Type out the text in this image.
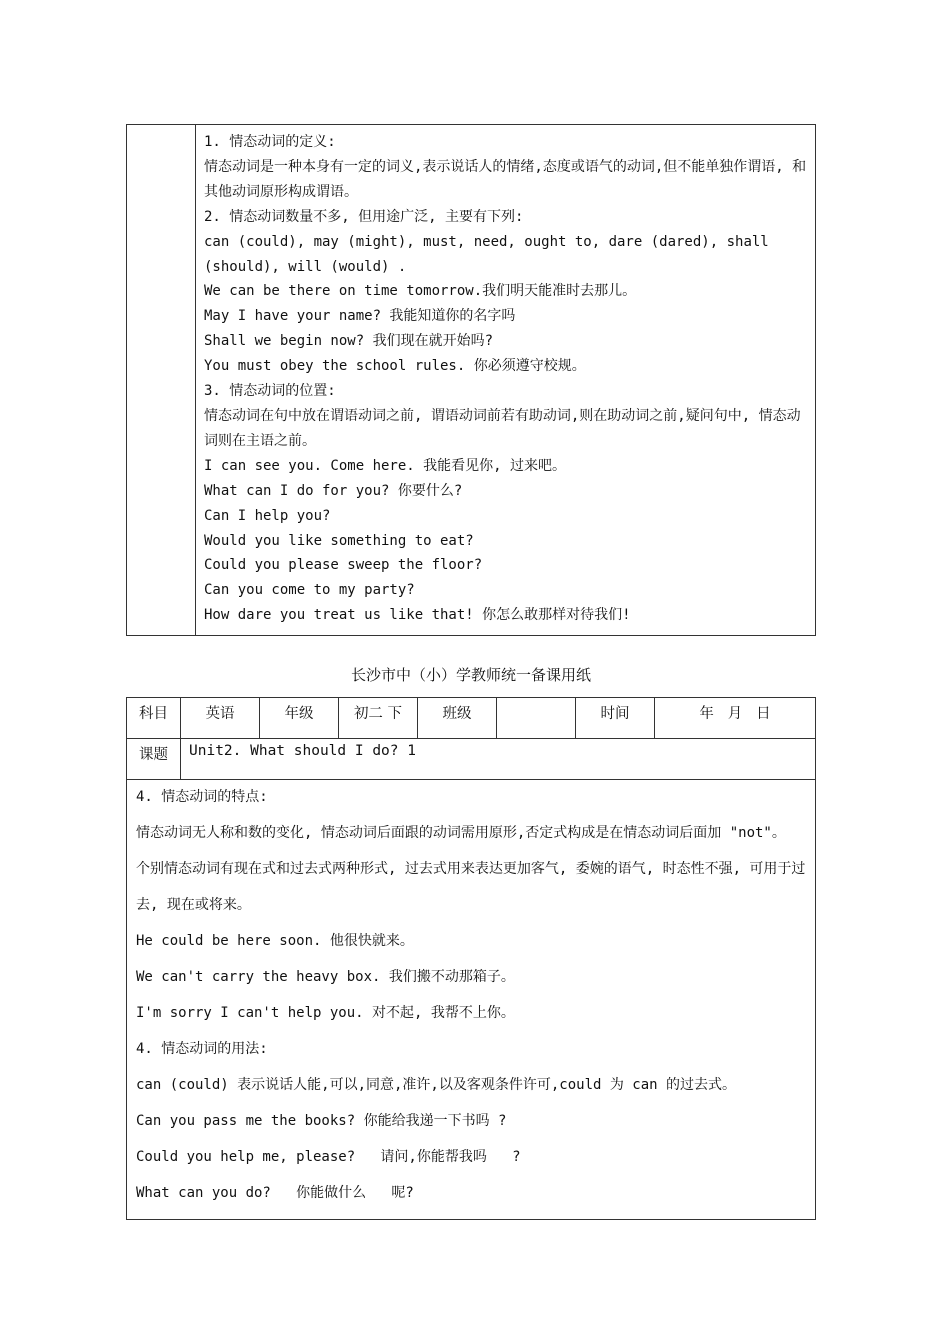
1. 情态动词的定义:
情态动词是一种本身有一定的词义,表示说话人的情绪,态度或语气的动词,但不能单独作谓语, 和其他动词原形构成谓语。
2. 情态动词数量不多, 但用途广泛, 主要有下列:
can (could), may (might), must, need, ought to, dare (dared), shall (should), will (would) .
We can be there on time tomorrow.我们明天能准时去那儿。
May I have your name? 我能知道你的名字吗
Shall we begin now? 我们现在就开始吗?
You must obey the school rules. 你必须遵守校规。
3. 情态动词的位置:
情态动词在句中放在谓语动词之前, 谓语动词前若有助动词,则在助动词之前,疑问句中, 情态动词则在主语之前。
I can see you. Come here. 我能看见你, 过来吧。
What can I do for you? 你要什么?
Can I help you?
Would you like something to eat?
Could you please sweep the floor?
Can you come to my party?
How dare you treat us like that! 你怎么敢那样对待我们!
长沙市中（小）学教师统一备课用纸
科目	英语	年级	初二 下	班级		时间	年   月   日
课题	Unit2. What should I do? 1						
4. 情态动词的特点:
情态动词无人称和数的变化, 情态动词后面跟的动词需用原形,否定式构成是在情态动词后面加 "not"。 个别情态动词有现在式和过去式两种形式, 过去式用来表达更加客气, 委婉的语气, 时态性不强, 可用于过去, 现在或将来。
He could be here soon. 他很快就来。
We can't carry the heavy box. 我们搬不动那箱子。
I'm sorry I can't help you. 对不起, 我帮不上你。
4. 情态动词的用法:
can (could) 表示说话人能,可以,同意,准许,以及客观条件许可,could 为 can 的过去式。
Can you pass me the books? 你能给我递一下书吗 ?
Could you help me, please?   请问,你能帮我吗   ?
What can you do?   你能做什么   呢?
